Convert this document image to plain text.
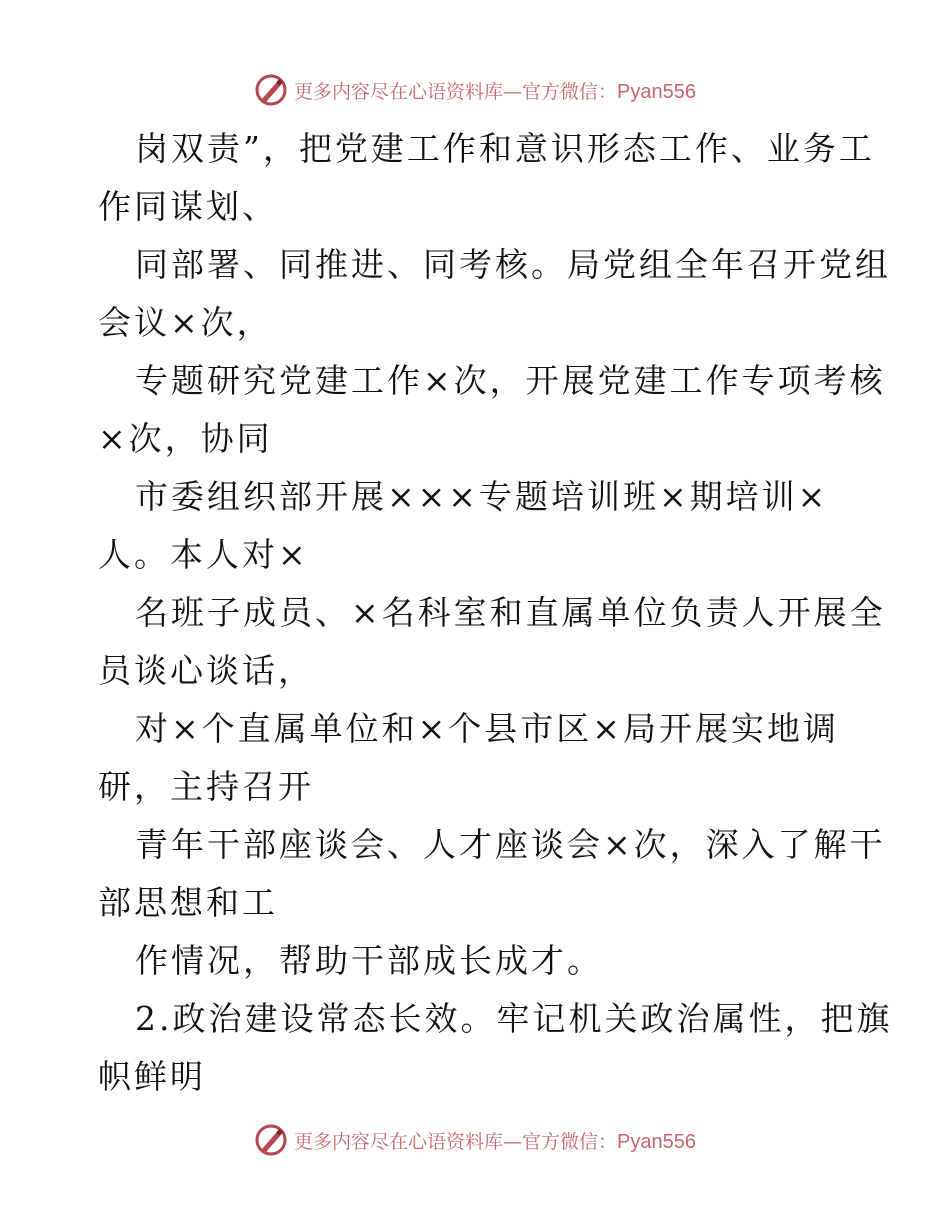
更多内容尽在心语资料库—官方微信：Pyan556
岗双责”，把党建工作和意识形态工作、业务工
作同谋划、
同部署、同推进、同考核。局党组全年召开党组
会议×次，
专题研究党建工作×次，开展党建工作专项考核
×次，协同
市委组织部开展×××专题培训班×期培训×
人。本人对×
名班子成员、×名科室和直属单位负责人开展全
员谈心谈话，
对×个直属单位和×个县市区×局开展实地调
研，主持召开
青年干部座谈会、人才座谈会×次，深入了解干
部思想和工
作情况，帮助干部成长成才。
2.政治建设常态长效。牢记机关政治属性，把旗
帜鲜明
更多内容尽在心语资料库—官方微信：Pyan556
